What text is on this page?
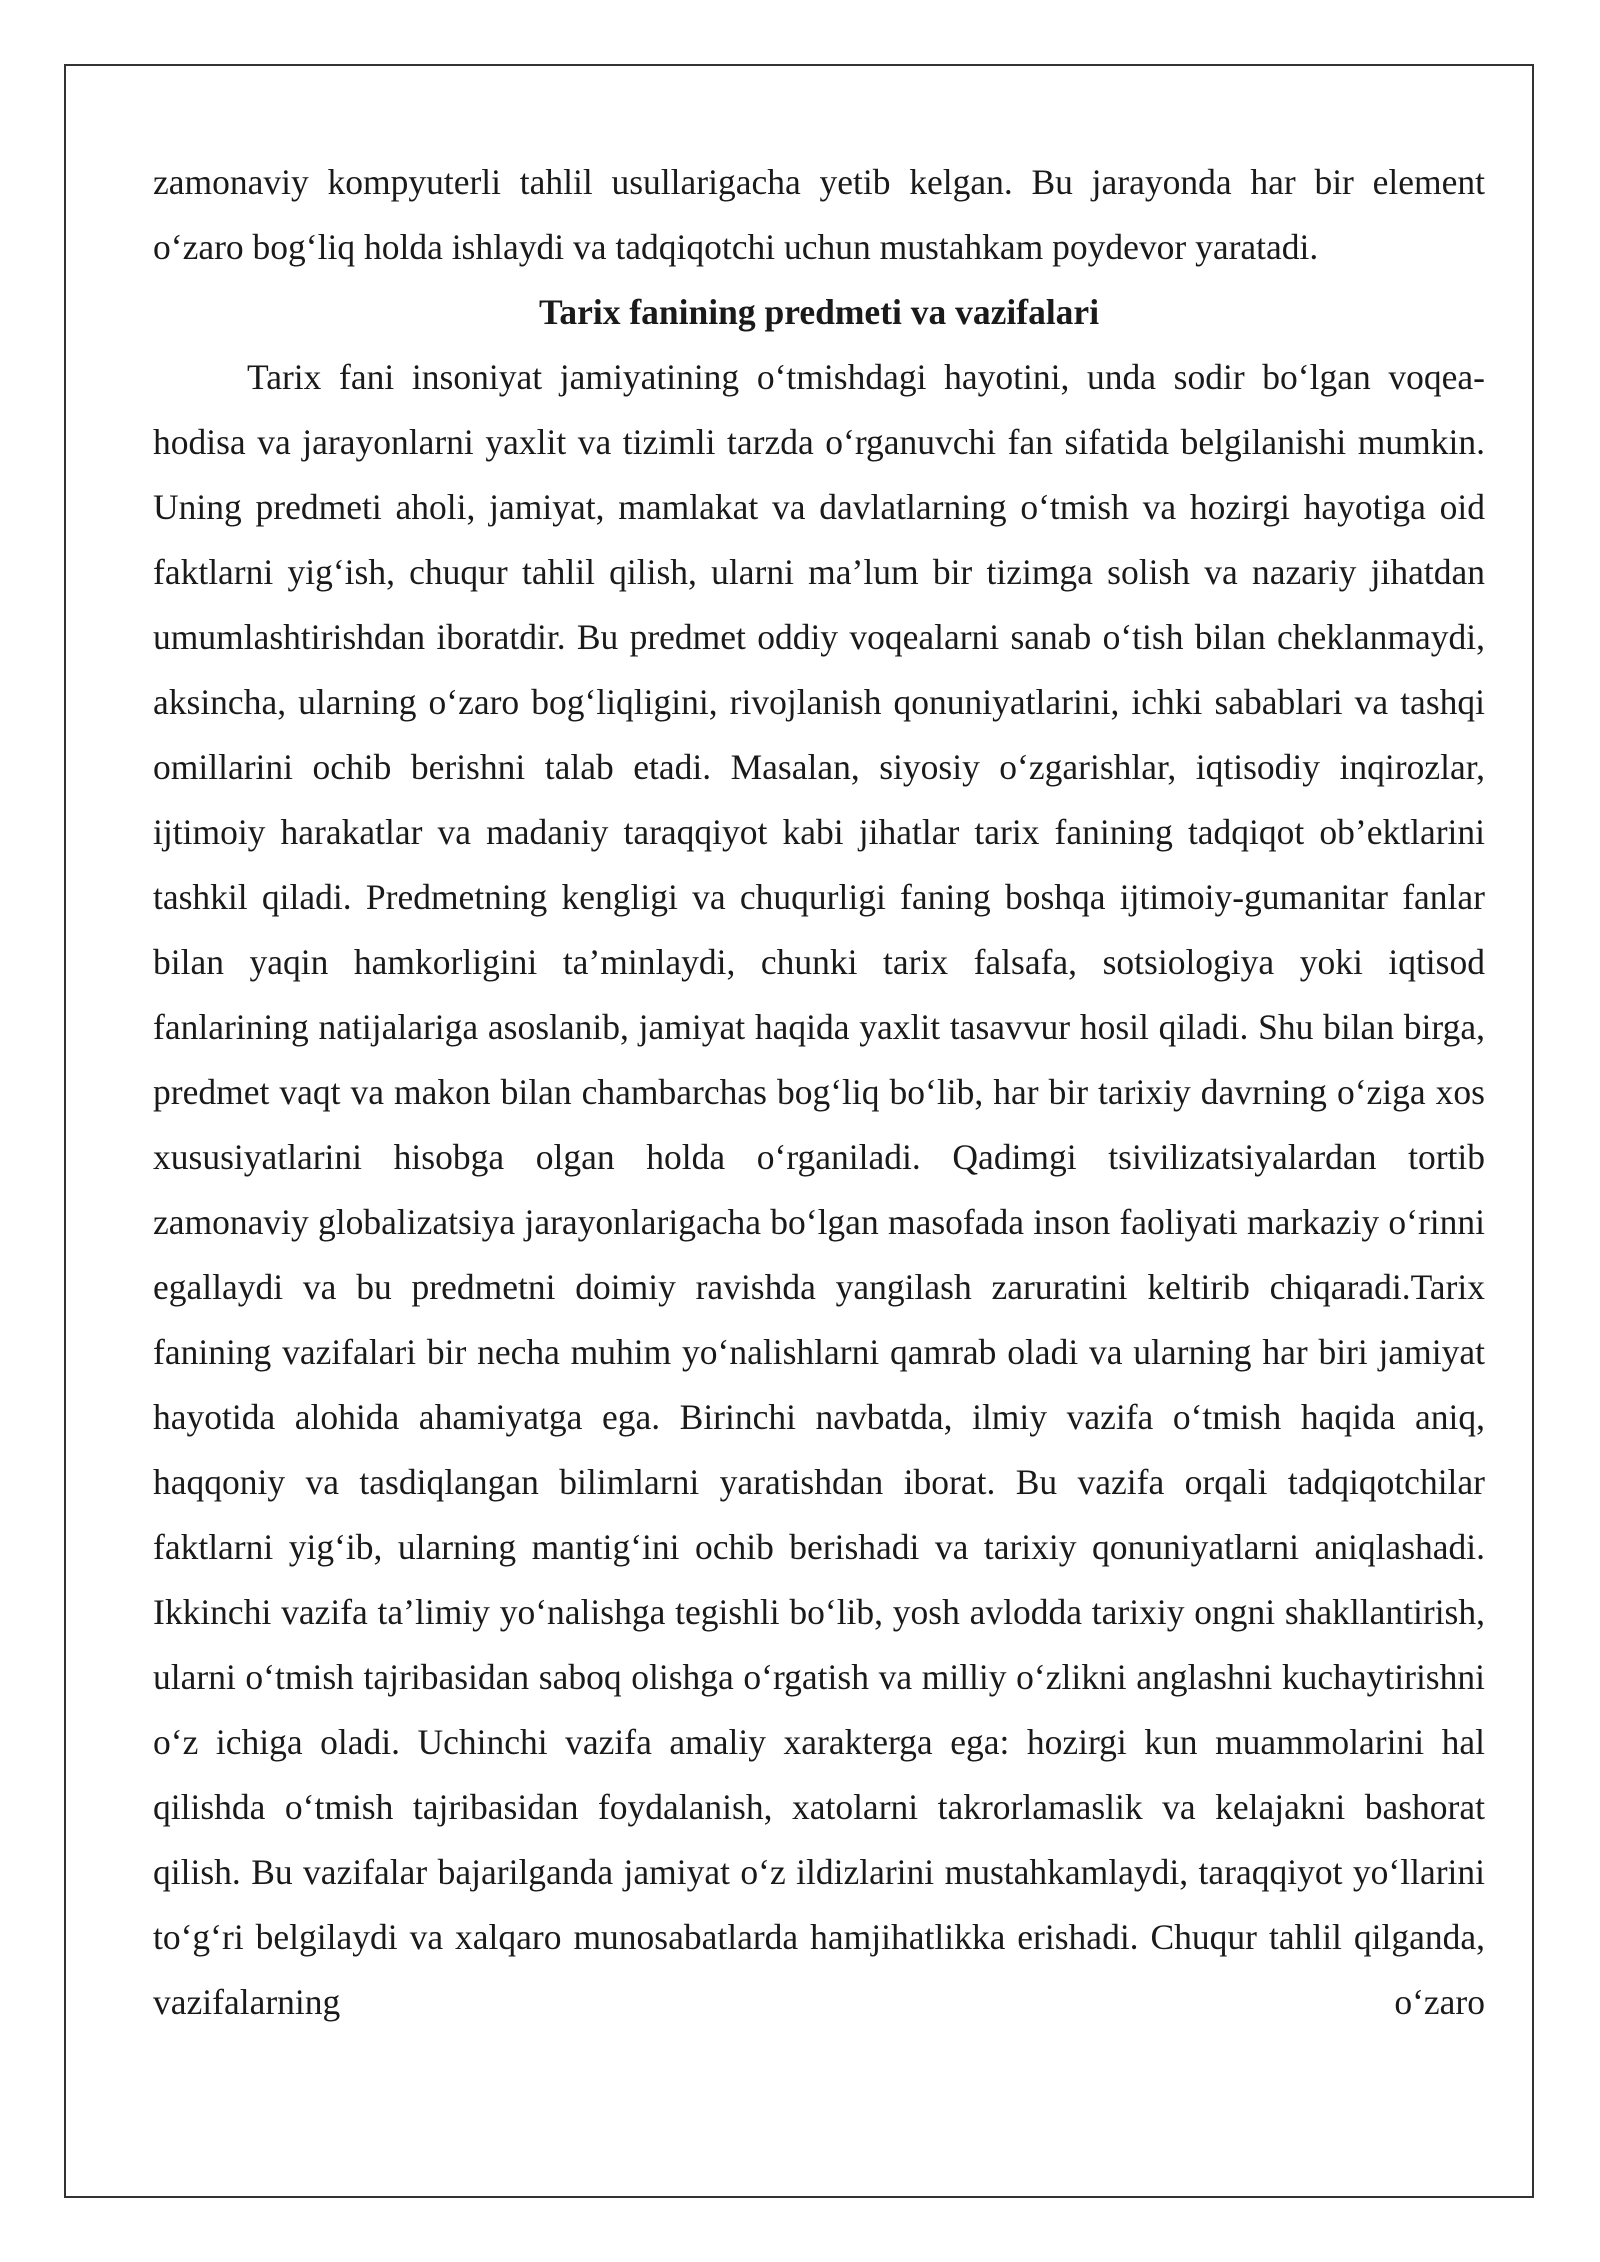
zamonaviy kompyuterli tahlil usullarigacha yetib kelgan. Bu jarayonda har bir element o‘zaro bog‘liq holda ishlaydi va tadqiqotchi uchun mustahkam poydevor yaratadi.

Tarix fanining predmeti va vazifalari

Tarix fani insoniyat jamiyatining o‘tmishdagi hayotini, unda sodir bo‘lgan voqea-hodisa va jarayonlarni yaxlit va tizimli tarzda o‘rganuvchi fan sifatida belgilanishi mumkin. Uning predmeti aholi, jamiyat, mamlakat va davlatlarning o‘tmish va hozirgi hayotiga oid faktlarni yig‘ish, chuqur tahlil qilish, ularni ma’lum bir tizimga solish va nazariy jihatdan umumlashtirishdan iboratdir. Bu predmet oddiy voqealarni sanab o‘tish bilan cheklanmaydi, aksincha, ularning o‘zaro bog‘liqligini, rivojlanish qonuniyatlarini, ichki sabablari va tashqi omillarini ochib berishni talab etadi. Masalan, siyosiy o‘zgarishlar, iqtisodiy inqirozlar, ijtimoiy harakatlar va madaniy taraqqiyot kabi jihatlar tarix fanining tadqiqot ob’ektlarini tashkil qiladi. Predmetning kengligi va chuqurligi faning boshqa ijtimoiy-gumanitar fanlar bilan yaqin hamkorligini ta’minlaydi, chunki tarix falsafa, sotsiologiya yoki iqtisod fanlarining natijalariga asoslanib, jamiyat haqida yaxlit tasavvur hosil qiladi. Shu bilan birga, predmet vaqt va makon bilan chambarchas bog‘liq bo‘lib, har bir tarixiy davrning o‘ziga xos xususiyatlarini hisobga olgan holda o‘rganiladi. Qadimgi tsivilizatsiyalardan tortib zamonaviy globalizatsiya jarayonlarigacha bo‘lgan masofada inson faoliyati markaziy o‘rinni egallaydi va bu predmetni doimiy ravishda yangilash zaruratini keltirib chiqaradi.Tarix fanining vazifalari bir necha muhim yo‘nalishlarni qamrab oladi va ularning har biri jamiyat hayotida alohida ahamiyatga ega. Birinchi navbatda, ilmiy vazifa o‘tmish haqida aniq, haqqoniy va tasdiqlangan bilimlarni yaratishdan iborat. Bu vazifa orqali tadqiqotchilar faktlarni yig‘ib, ularning mantig‘ini ochib berishadi va tarixiy qonuniyatlarni aniqlashadi. Ikkinchi vazifa ta’limiy yo‘nalishga tegishli bo‘lib, yosh avlodda tarixiy ongni shakllantirish, ularni o‘tmish tajribasidan saboq olishga o‘rgatish va milliy o‘zlikni anglashni kuchaytirishni o‘z ichiga oladi. Uchinchi vazifa amaliy xarakterga ega: hozirgi kun muammolarini hal qilishda o‘tmish tajribasidan foydalanish, xatolarni takrorlamaslik va kelajakni bashorat qilish. Bu vazifalar bajarilganda jamiyat o‘z ildizlarini mustahkamlaydi, taraqqiyot yo‘llarini to‘g‘ri belgilaydi va xalqaro munosabatlarda hamjihatlikka erishadi. Chuqur tahlil qilganda, vazifalarning o‘zaro
